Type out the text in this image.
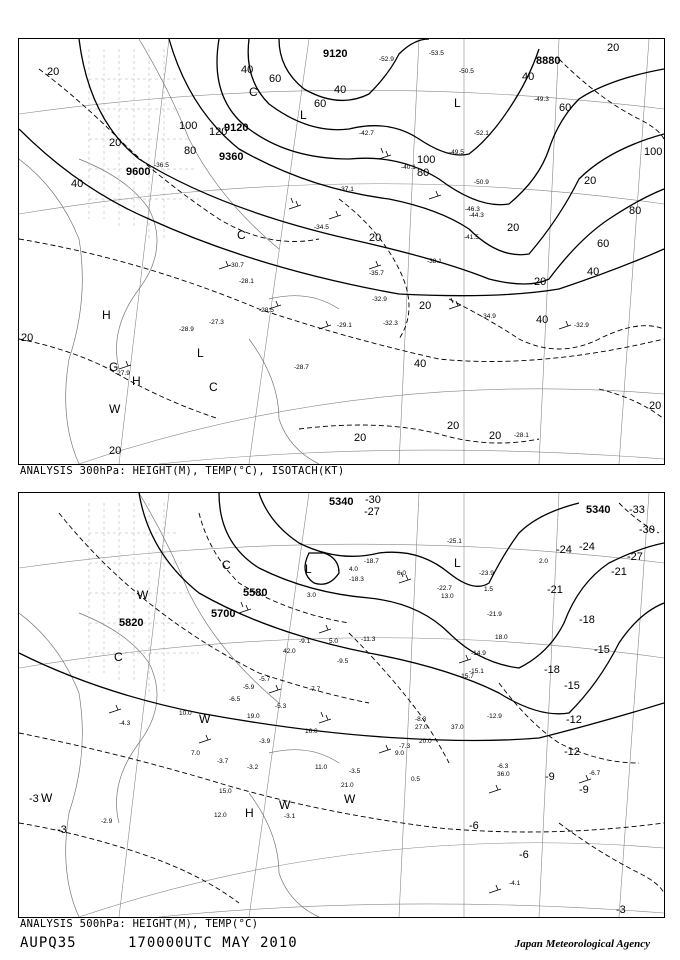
9600
9360
9120
9120
8880
20
40
60
80
100 120
40
40
60
80
100
20
40
60
80
100
20
20
40
20
20
20
20
20
20
20
40
60
20
40
20
20
-36.5
-37.1
-34.5
-30.7
-35.7
-38.1
-32.9
-28.5
-28.1
-29.1
-27.3
-28.9
-32.3
-34.9
-32.9
-28.1
-28.7
-27.9
-41.5
-52.1
-49.5
-50.9
-46.3
-44.3
-42.7
-40.1
-53.5
-52.9
-50.5
-49.3
C
L
L
C
H
H
C
W
L
G
ANALYSIS 300hPa: HEIGHT(M), TEMP(°C), ISOTACH(KT)
5820
5700
5580
5340
5340
-30
-27
-24
-21
-18
-15
-12
-9
-6
-3
-3
-33
-30
-27
-24
-21
-18
-15
-12
-9
-6
-3
-18.7
-11.3
-9.5
-5.3
-3.9
-7.3
-12.9
-6.3
-6.7
-4.1
-2.9
-4.3
-3.7
-3.1
-15.1
-22.7
-23.9
-25.1
-18.3
-21.9
-14.9
-15.7
-8.3
-6.5
-5.9
-3.5
-3.2
-5.7
-7.7
-9.1
42.0
37.0
36.0
27.0
21.0
20.0
19.0
18.0
16.0
15.0
13.0
12.0
11.0
10.0
9.0
7.0
6.0
5.0
4.0
3.0
2.0
1.5
0.5
C	L
W
C
W
W
W
H
W
L
ANALYSIS 500hPa: HEIGHT(M), TEMP(°C)
AUPQ35	170000UTC MAY 2010	Japan Meteorological Agency
